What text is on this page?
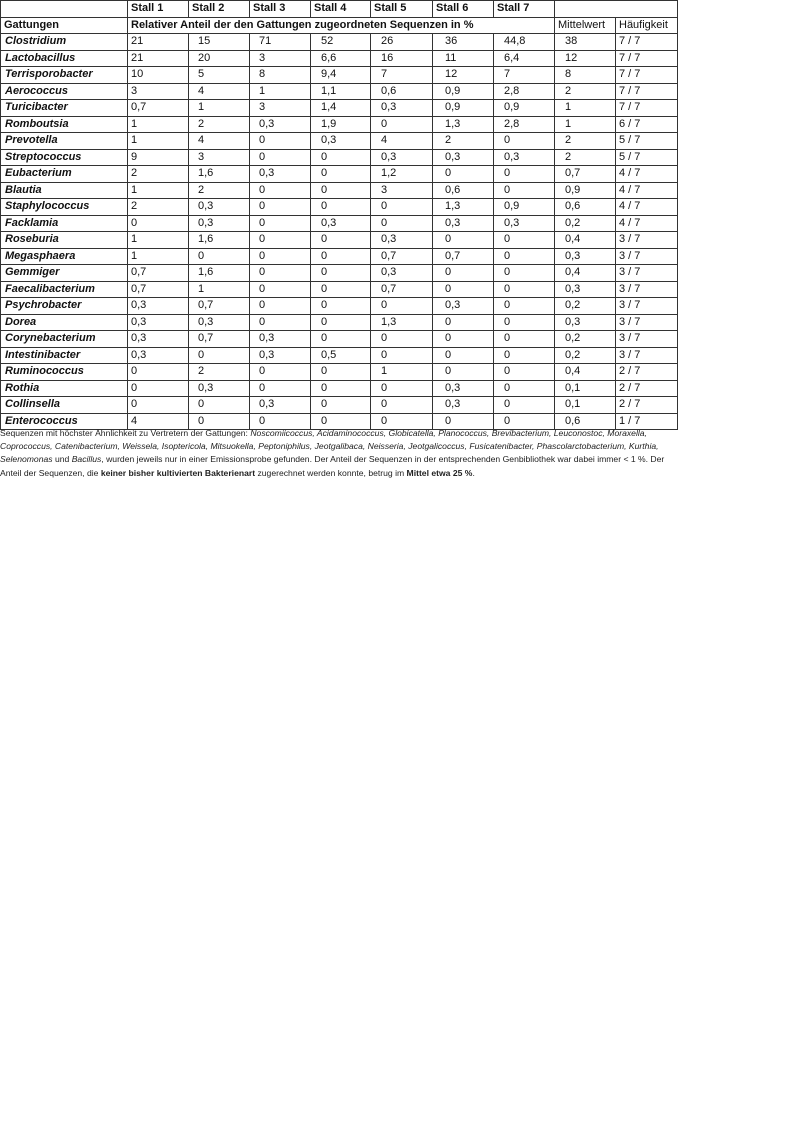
	Stall 1	Stall 2	Stall 3	Stall 4	Stall 5	Stall 6	Stall 7		
Gattungen	Relativer Anteil der den Gattungen zugeordneten Sequenzen in %							Mittelwert	Häufigkeit
Clostridium	21	15	71	52	26	36	44,8	38	7 / 7
Lactobacillus	21	20	3	6,6	16	11	6,4	12	7 / 7
Terrisporobacter	10	5	8	9,4	7	12	7	8	7 / 7
Aerococcus	3	4	1	1,1	0,6	0,9	2,8	2	7 / 7
Turicibacter	0,7	1	3	1,4	0,3	0,9	0,9	1	7 / 7
Romboutsia	1	2	0,3	1,9	0	1,3	2,8	1	6 / 7
Prevotella	1	4	0	0,3	4	2	0	2	5 / 7
Streptococcus	9	3	0	0	0,3	0,3	0,3	2	5 / 7
Eubacterium	2	1,6	0,3	0	1,2	0	0	0,7	4 / 7
Blautia	1	2	0	0	3	0,6	0	0,9	4 / 7
Staphylococcus	2	0,3	0	0	0	1,3	0,9	0,6	4 / 7
Facklamia	0	0,3	0	0,3	0	0,3	0,3	0,2	4 / 7
Roseburia	1	1,6	0	0	0,3	0	0	0,4	3 / 7
Megasphaera	1	0	0	0	0,7	0,7	0	0,3	3 / 7
Gemmiger	0,7	1,6	0	0	0,3	0	0	0,4	3 / 7
Faecalibacterium	0,7	1	0	0	0,7	0	0	0,3	3 / 7
Psychrobacter	0,3	0,7	0	0	0	0,3	0	0,2	3 / 7
Dorea	0,3	0,3	0	0	1,3	0	0	0,3	3 / 7
Corynebacterium	0,3	0,7	0,3	0	0	0	0	0,2	3 / 7
Intestinibacter	0,3	0	0,3	0,5	0	0	0	0,2	3 / 7
Ruminococcus	0	2	0	0	1	0	0	0,4	2 / 7
Rothia	0	0,3	0	0	0	0,3	0	0,1	2 / 7
Collinsella	0	0	0,3	0	0	0,3	0	0,1	2 / 7
Enterococcus	4	0	0	0	0	0	0	0,6	1 / 7

Sequenzen mit höchster Ähnlichkeit zu Vertretern der Gattungen: Noscomiicoccus, Acidaminococcus, Globicatella, Planococcus, Brevibacterium, Leuconostoc, Moraxella, Coprococcus, Catenibacterium, Weissela, Isoptericola, Mitsuokella, Peptoniphilus, Jeotgalibaca, Neisseria, Jeotgalicoccus, Fusicatenibacter, Phascolarctobacterium, Kurthia, Selenomonas und Bacillus, wurden jeweils nur in einer Emissionsprobe gefunden. Der Anteil der Sequenzen in der entsprechenden Genbibliothek war dabei immer < 1 %. Der Anteil der Sequenzen, die keiner bisher kultivierten Bakterienart zugerechnet werden konnte, betrug im Mittel etwa 25 %.
